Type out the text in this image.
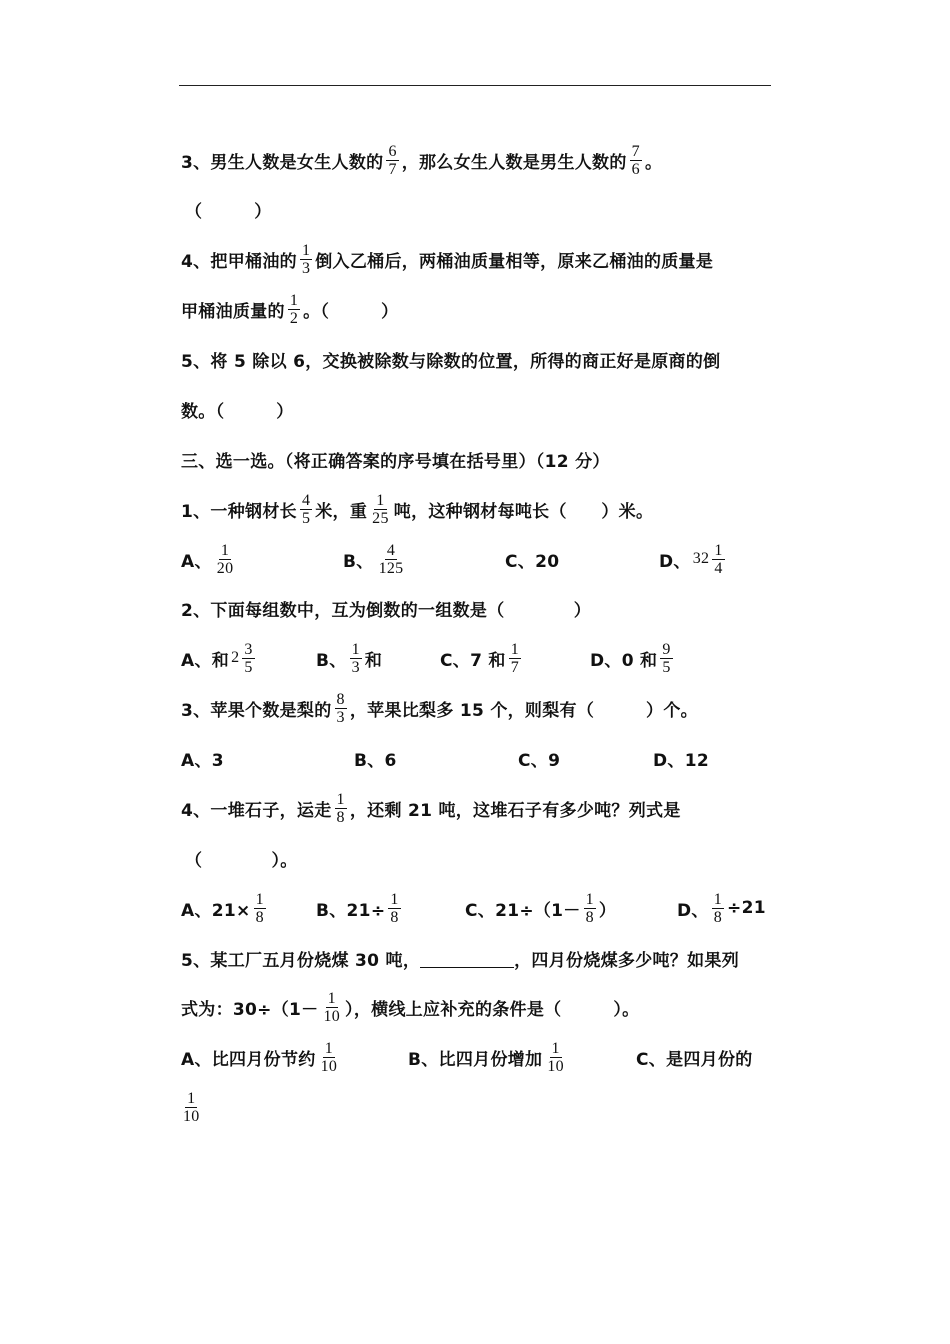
3、男生人数是女生人数的 $\frac{6}{7}$ ，那么女生人数是男生人数的 $\frac{7}{6}$ 。
（　　　）
4、把甲桶油的 $\frac{1}{3}$ 倒入乙桶后，两桶油质量相等，原来乙桶油的质量是
甲桶油质量的 $\frac{1}{2}$ 。（　　　）
5、将 5 除以 6，交换被除数与除数的位置，所得的商正好是原商的倒
数。（　　　）
三、选一选。（将正确答案的序号填在括号里）（12 分）
1、一种钢材长 $\frac{4}{5}$ 米，重 $\frac{1}{25}$ 吨，这种钢材每吨长（　　）米。
A、 $\frac{1}{20}$	B、 $\frac{4}{125}$	C、20	D、 $32 \frac{1}{4}$
2、下面每组数中，互为倒数的一组数是（　　　　）
A、和 $2 \frac{3}{5}$	B、 $\frac{1}{3}$ 和	C、7 和 $\frac{1}{7}$	D、0 和 $\frac{9}{5}$
3、苹果个数是梨的 $\frac{8}{3}$ ，苹果比梨多 15 个，则梨有（　　　）个。
A、3	B、6	C、9	D、12
4、一堆石子，运走 $\frac{1}{8}$ ，还剩 21 吨，这堆石子有多少吨？列式是
（　　　　）。
A、$21\times \frac{1}{8}$	B、$21\div \frac{1}{8}$	C、$21\div(1- \frac{1}{8}$ ）	D、 $\frac{1}{8} \div 21$
5、某工厂五月份烧煤 30 吨，	，四月份烧煤多少吨？如果列
式为：$30\div(1- \frac{1}{10}$ ），横线上应补充的条件是（　　　）。
A、比四月份节约 $\frac{1}{10}$	B、比四月份增加 $\frac{1}{10}$	C、是四月份的
$\frac{1}{10}$
